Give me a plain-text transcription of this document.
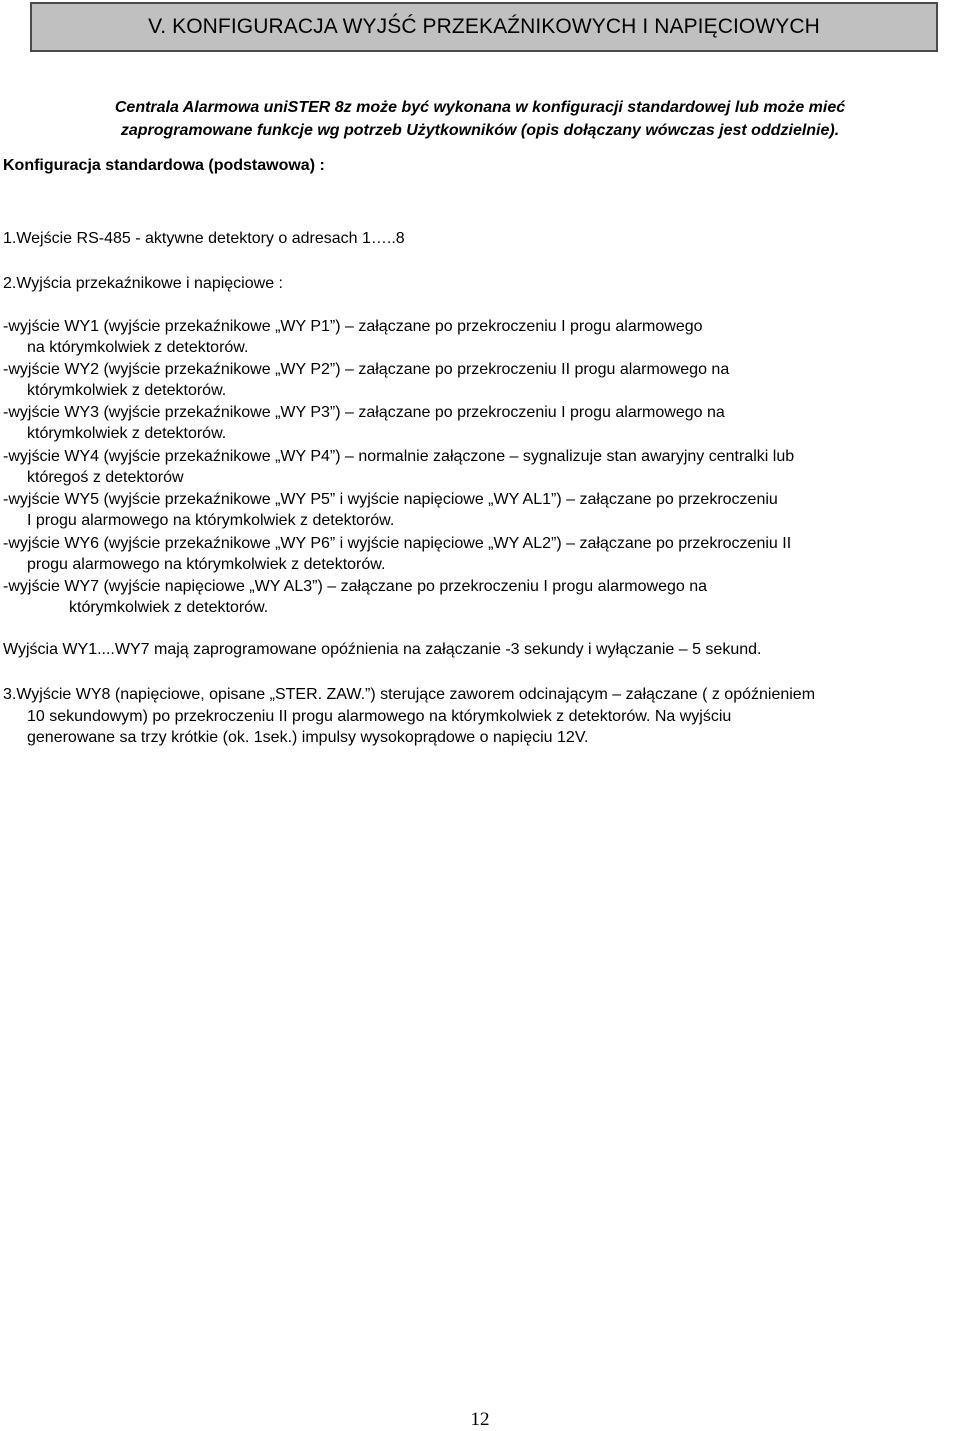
V. KONFIGURACJA WYJŚĆ PRZEKAŹNIKOWYCH I NAPIĘCIOWYCH
Centrala Alarmowa uniSTER 8z może być wykonana w konfiguracji standardowej lub może mieć
zaprogramowane funkcje wg potrzeb Użytkowników (opis dołączany wówczas jest oddzielnie).
Konfiguracja standardowa (podstawowa) :
1.Wejście RS-485 - aktywne detektory o adresach 1…..8
2.Wyjścia przekaźnikowe i napięciowe :
-wyjście WY1 (wyjście przekaźnikowe „WY P1”) – załączane po przekroczeniu I progu alarmowego
na którymkolwiek z detektorów.
-wyjście WY2 (wyjście przekaźnikowe „WY P2”) – załączane po przekroczeniu II progu alarmowego na
którymkolwiek z detektorów.
-wyjście WY3 (wyjście przekaźnikowe „WY P3”) – załączane po przekroczeniu I progu alarmowego na
którymkolwiek z detektorów.
-wyjście WY4 (wyjście przekaźnikowe „WY P4”) – normalnie załączone – sygnalizuje stan awaryjny centralki lub
któregoś z detektorów
-wyjście WY5 (wyjście przekaźnikowe „WY P5” i wyjście napięciowe „WY AL1”) – załączane po przekroczeniu
I progu alarmowego na którymkolwiek z detektorów.
-wyjście WY6 (wyjście przekaźnikowe „WY P6” i wyjście napięciowe „WY AL2”) – załączane po przekroczeniu II
progu alarmowego na którymkolwiek z detektorów.
-wyjście WY7 (wyjście napięciowe „WY AL3”) – załączane po przekroczeniu I progu alarmowego na
którymkolwiek z detektorów.
Wyjścia WY1....WY7 mają zaprogramowane opóźnienia na załączanie -3 sekundy i wyłączanie – 5 sekund.
3.Wyjście WY8 (napięciowe, opisane „STER. ZAW.”) sterujące zaworem odcinającym – załączane ( z opóźnieniem
10 sekundowym) po przekroczeniu II progu alarmowego na którymkolwiek z detektorów. Na wyjściu
generowane sa trzy krótkie (ok. 1sek.) impulsy wysokoprądowe o napięciu 12V.
12
